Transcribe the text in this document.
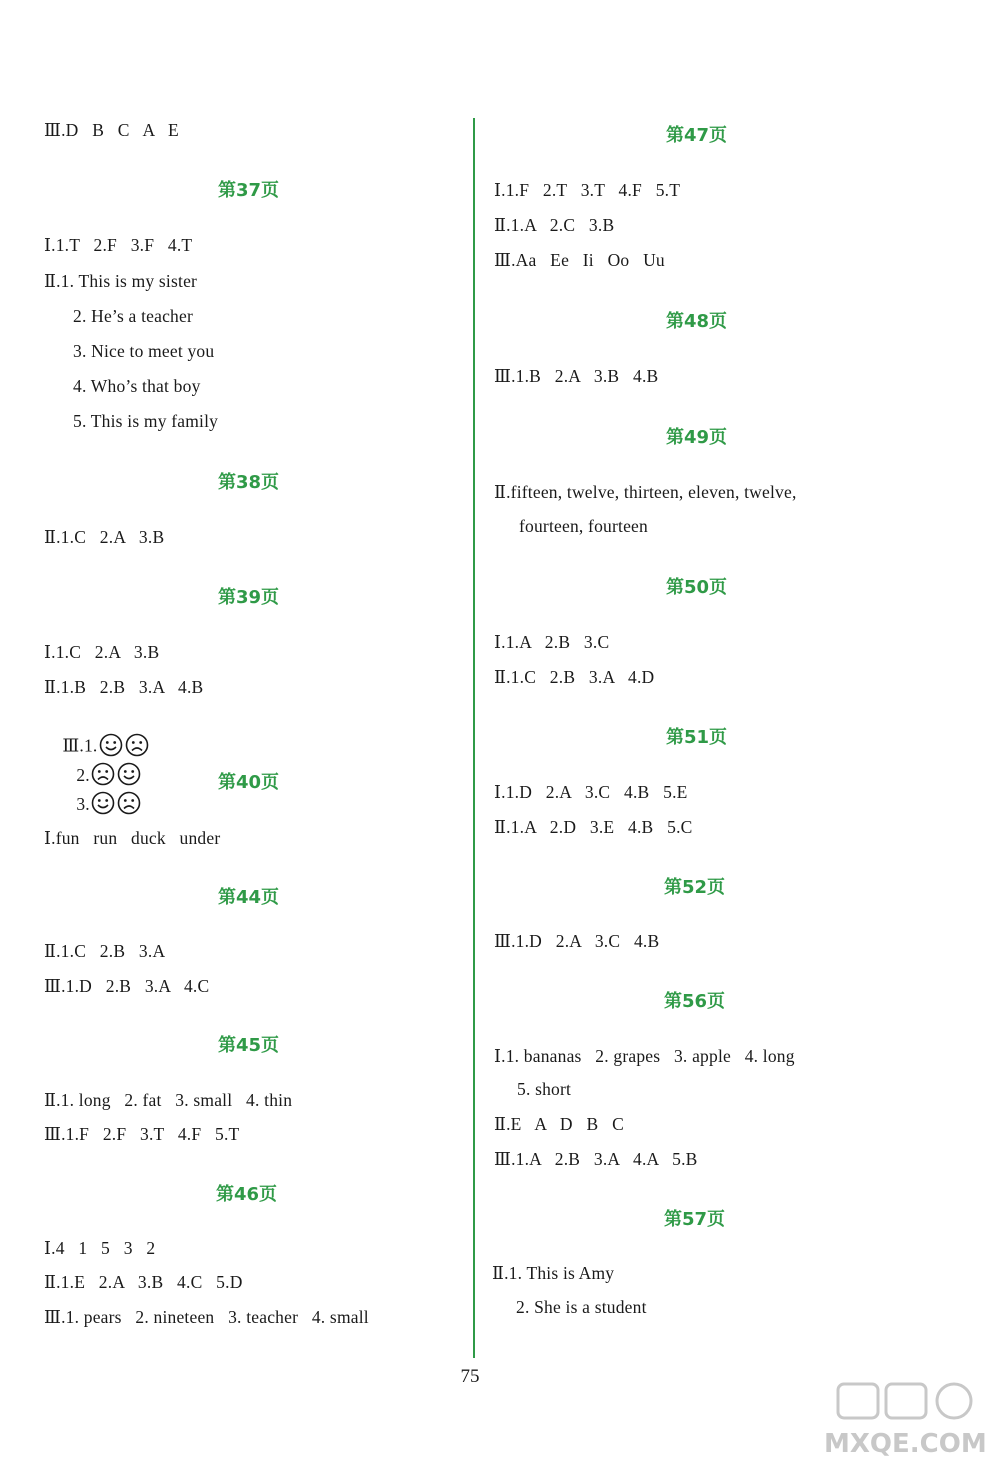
Ⅲ.D   B   C   A   E
第37页
Ⅰ.1.T   2.F   3.F   4.T
Ⅱ.1. This is my sister
2. He’s a teacher
3. Nice to meet you
4. Who’s that boy
5. This is my family
第38页
Ⅱ.1.C   2.A   3.B
第39页
Ⅰ.1.C   2.A   3.B
Ⅱ.1.B   2.B   3.A   4.B

Ⅲ.1.
2.
3.

第40页
Ⅰ.fun   run   duck   under
第44页
Ⅱ.1.C   2.B   3.A
Ⅲ.1.D   2.B   3.A   4.C
第45页
Ⅱ.1. long   2. fat   3. small   4. thin
Ⅲ.1.F   2.F   3.T   4.F   5.T
第46页
Ⅰ.4   1   5   3   2
Ⅱ.1.E   2.A   3.B   4.C   5.D
Ⅲ.1. pears   2. nineteen   3. teacher   4. small
第47页
Ⅰ.1.F   2.T   3.T   4.F   5.T
Ⅱ.1.A   2.C   3.B
Ⅲ.Aa   Ee   Ii   Oo   Uu
第48页
Ⅲ.1.B   2.A   3.B   4.B
第49页
Ⅱ.fifteen, twelve, thirteen, eleven, twelve,
fourteen, fourteen
第50页
Ⅰ.1.A   2.B   3.C
Ⅱ.1.C   2.B   3.A   4.D
第51页
Ⅰ.1.D   2.A   3.C   4.B   5.E
Ⅱ.1.A   2.D   3.E   4.B   5.C
第52页
Ⅲ.1.D   2.A   3.C   4.B
第56页
Ⅰ.1. bananas   2. grapes   3. apple   4. long
5. short
Ⅱ.E   A   D   B   C
Ⅲ.1.A   2.B   3.A   4.A   5.B
第57页
Ⅱ.1. This is Amy
2. She is a student
75
MXQE.COM
